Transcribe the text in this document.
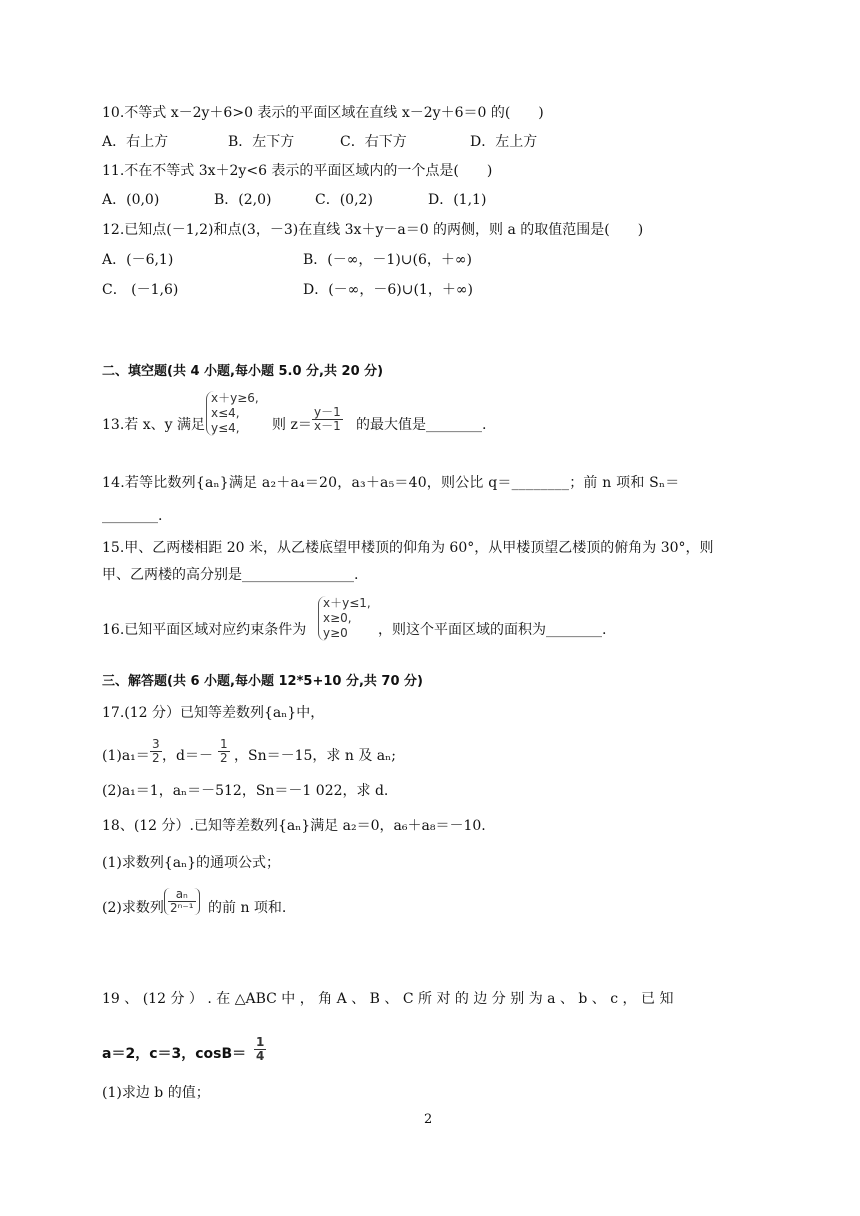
10.不等式 x－2y＋6>0 表示的平面区域在直线 x－2y＋6＝0 的(　　)
A．右上方	B．左下方	C．右下方	D．左上方
11.不在不等式 3x＋2y<6 表示的平面区域内的一个点是(　　)
A．(0,0)	B．(2,0)	C．(0,2)	D．(1,1)
12.已知点(－1,2)和点(3，－3)在直线 3x＋y－a＝0 的两侧，则 a 的取值范围是(　　)
A．(－6,1)	B．(－∞，－1)∪(6，＋∞)
C． (－1,6)	D．(－∞，－6)∪(1，＋∞)
二、填空题(共 4 小题,每小题 5.0 分,共 20 分)
13.若 x、y 满足
x＋y≥6,
x≤4,
y≤4,	则 $z= \frac{y-1}{x-1}$ 的最大值是________.
14.若等比数列{aₙ}满足 a₂＋a₄＝20，a₃＋a₅＝40，则公比 q＝________；前 n 项和 Sₙ＝
________.
15.甲、乙两楼相距 20 米，从乙楼底望甲楼顶的仰角为 60°，从甲楼顶望乙楼顶的俯角为 30°，则
甲、乙两楼的高分别是________________.
16.已知平面区域对应约束条件为
x＋y≤1,
x≥0,
y≥0	，则这个平面区域的面积为________.
三、解答题(共 6 小题,每小题 12*5+10 分,共 70 分)
17.(12 分）已知等差数列{aₙ}中，
$(1)a_1= \frac{3}{2}$ ，$d=- \frac{1}{2}$ ，Sn＝－15，求 n 及 aₙ;
(2)a₁＝1，aₙ＝－512，Sn＝－1 022，求 d.
18、(12 分）.已知等差数列{aₙ}满足 a₂＝0，a₆＋a₈＝－10.
(1)求数列{aₙ}的通项公式；
(2)求数列 $\frac{\text{aₙ}}{\text{2ⁿ⁻¹}}$ 的前 n 项和.
19 、 (12 分 ） . 在 △ABC 中 ， 角 A 、 B 、 C 所 对 的 边 分 别 为 a 、 b 、 c ， 已 知
a＝2，c＝3，$\cos B= \frac{1}{4}$
(1)求边 b 的值；
2
